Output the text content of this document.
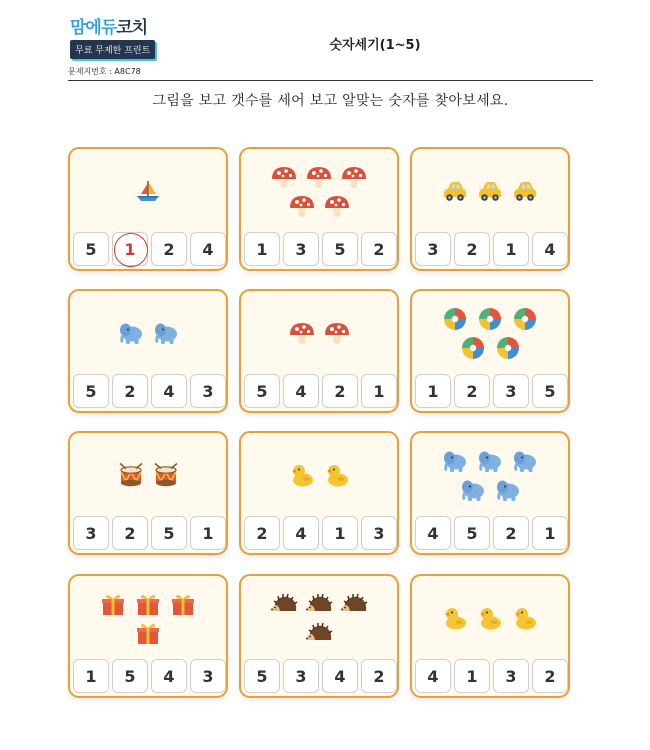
맘에듀코치
무료 무제한 프린트
문제지번호 : A8C78
숫자세기(1~5)
그림을 보고 갯수를 세어 보고 알맞는 숫자를 찾아보세요.
5 1 2 4	1 3 5 2	3 2 1 4
5 2 4 3	5 4 2 1	1 2 3 5
3 2 5 1	2 4 1 3	4 5 2 1
1 5 4 3	5 3 4 2	4 1 3 2
